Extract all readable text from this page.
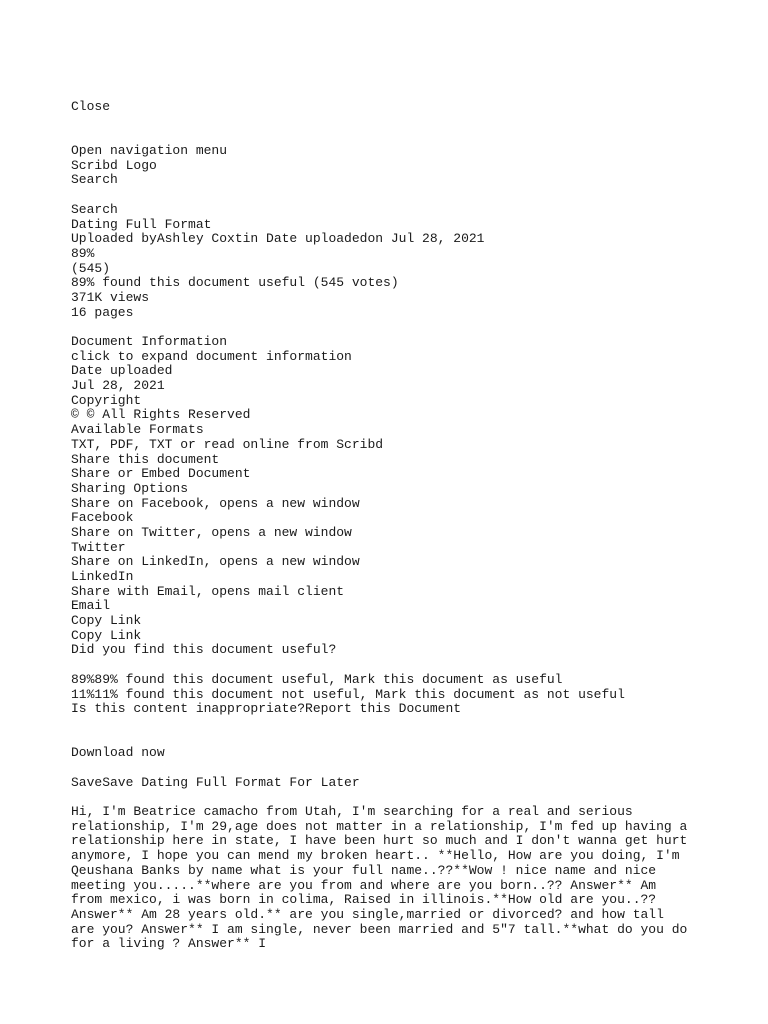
Close
Open navigation menu
Scribd Logo
Search
Search
Dating Full Format
Uploaded byAshley Coxtin Date uploadedon Jul 28, 2021
89%
(545)
89% found this document useful (545 votes)
371K views
16 pages
Document Information
click to expand document information
Date uploaded
Jul 28, 2021
Copyright
© © All Rights Reserved
Available Formats
TXT, PDF, TXT or read online from Scribd
Share this document
Share or Embed Document
Sharing Options
Share on Facebook, opens a new window
Facebook
Share on Twitter, opens a new window
Twitter
Share on LinkedIn, opens a new window
LinkedIn
Share with Email, opens mail client
Email
Copy Link
Copy Link
Did you find this document useful?
89%89% found this document useful, Mark this document as useful
11%11% found this document not useful, Mark this document as not useful
Is this content inappropriate?Report this Document
Download now
SaveSave Dating Full Format For Later
Hi, I'm Beatrice camacho from Utah, I'm searching for a real and serious relationship, I'm 29,age does not matter in a relationship, I'm fed up having a relationship here in state, I have been hurt so much and I don't wanna get hurt anymore, I hope you can mend my broken heart.. **Hello, How are you doing, I'm Qeushana Banks by name what is your full name..??**Wow ! nice name and nice meeting you.....**where are you from and where are you born..?? Answer** Am from mexico, i was born in colima, Raised in illinois.**How old are you..?? Answer** Am 28 years old.** are you single,married or divorced? and how tall are you? Answer** I am single, never been married and 5"7 tall.**what do you do for a living ? Answer** I
